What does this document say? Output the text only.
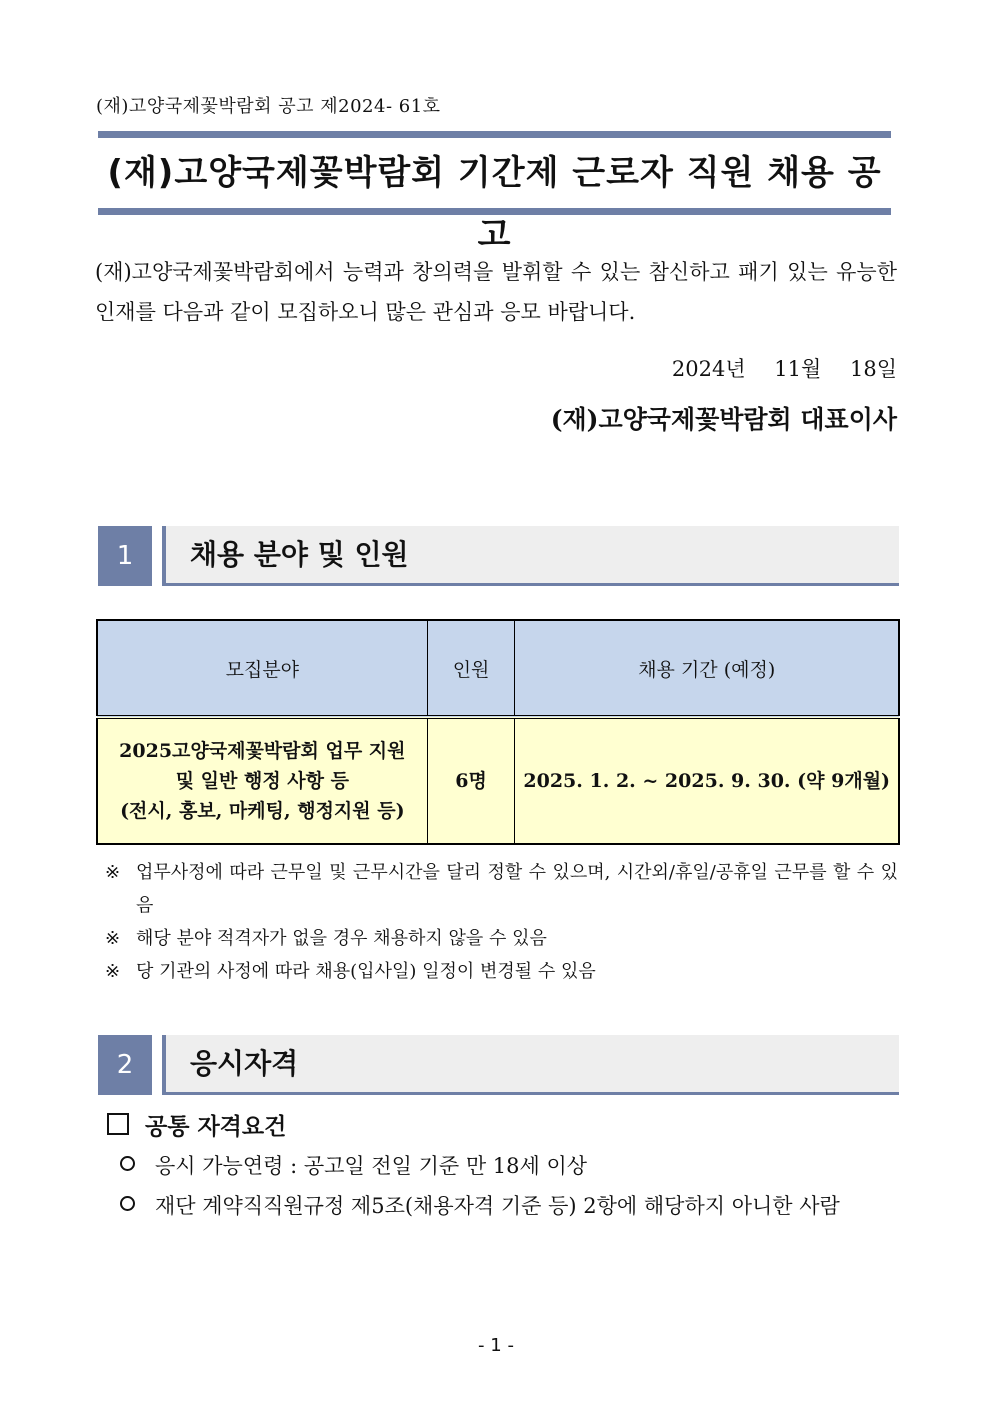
(재)고양국제꽃박람회 공고 제2024- 61호
(재)고양국제꽃박람회 기간제 근로자 직원 채용 공고
(재)고양국제꽃박람회에서 능력과 창의력을 발휘할 수 있는 참신하고 패기 있는 유능한 인재를 다음과 같이 모집하오니 많은 관심과 응모 바랍니다.
2024년 11월 18일
(재)고양국제꽃박람회 대표이사
1	채용 분야 및 인원
모집분야	인원	채용 기간 (예정)

2025고양국제꽃박람회 업무 지원
및 일반 행정 사항 등
(전시, 홍보, 마케팅, 행정지원 등)	6명	2025. 1. 2. ~ 2025. 9. 30. (약 9개월)
※ 업무사정에 따라 근무일 및 근무시간을 달리 정할 수 있으며, 시간외/휴일/공휴일 근무를 할 수 있음
※ 해당 분야 적격자가 없을 경우 채용하지 않을 수 있음
※ 당 기관의 사정에 따라 채용(입사일) 일정이 변경될 수 있음
2	응시자격
공통 자격요건
응시 가능연령 : 공고일 전일 기준 만 18세 이상
재단 계약직직원규정 제5조(채용자격 기준 등) 2항에 해당하지 아니한 사람
- 1 -
